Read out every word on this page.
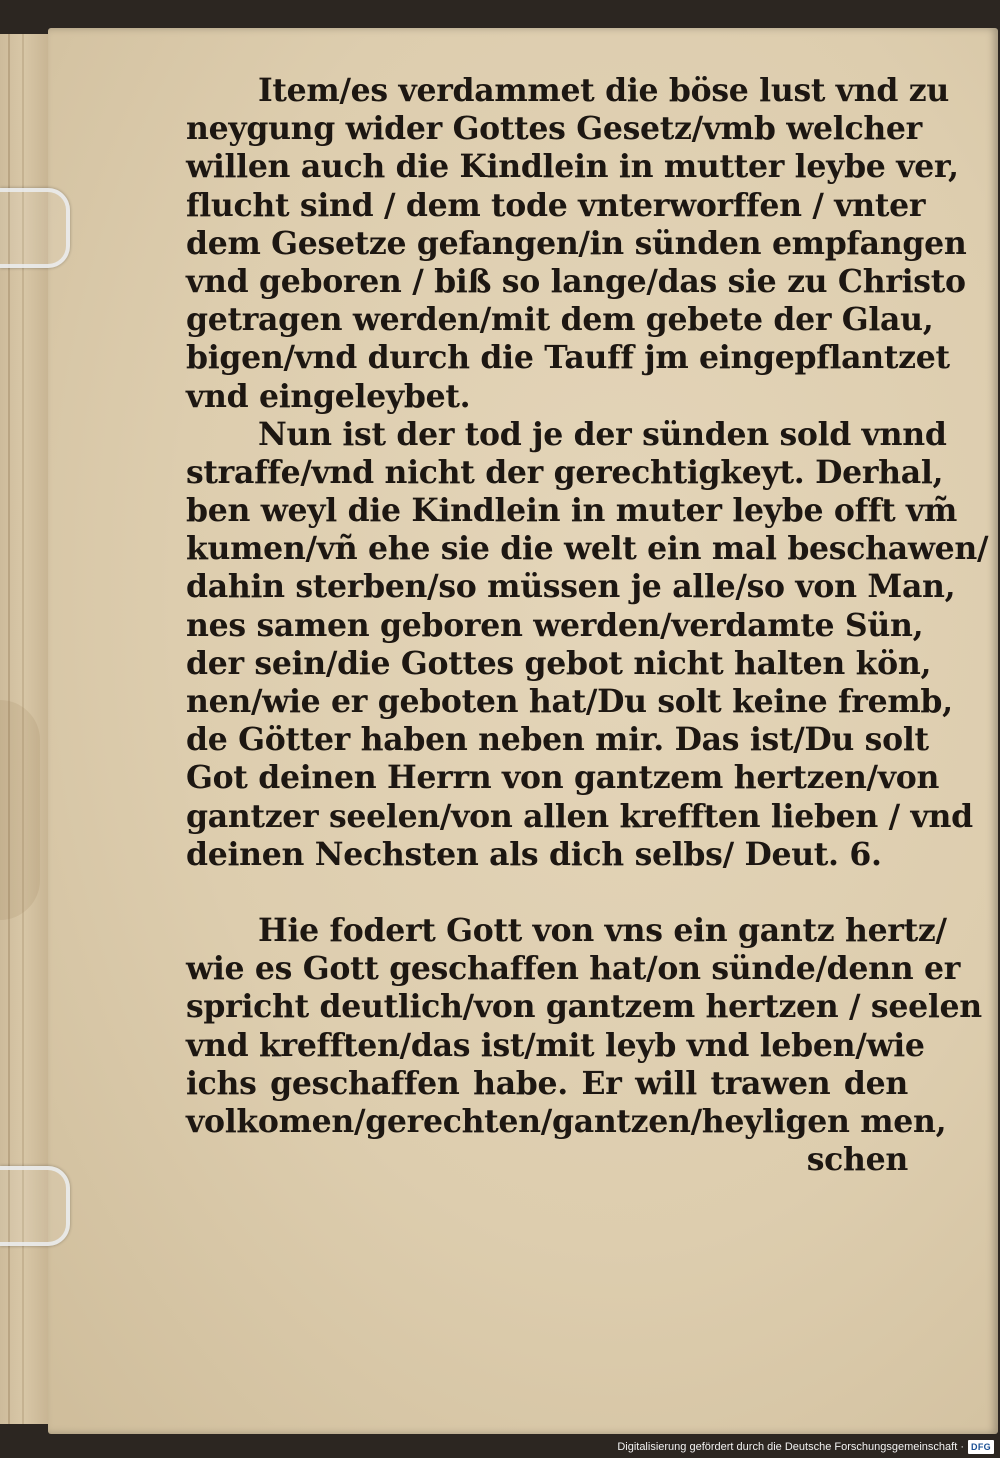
Item/es verdammet die böse lust vnd zu
neygung wider Gottes Gesetz/vmb welcher
willen auch die Kindlein in mutter leybe ver,
flucht sind / dem tode vnterworffen / vnter
dem Gesetze gefangen/in sünden empfangen
vnd geboren / biß so lange/das sie zu Christo
getragen werden/mit dem gebete der Glau,
bigen/vnd durch die Tauff jm eingepflantzet
vnd eingeleybet.
Nun ist der tod je der sünden sold vnnd
straffe/vnd nicht der gerechtigkeyt. Derhal,
ben weyl die Kindlein in muter leybe offt vm̃
kumen/vñ ehe sie die welt ein mal beschawen/
dahin sterben/so müssen je alle/so von Man,
nes samen geboren werden/verdamte Sün,
der sein/die Gottes gebot nicht halten kön,
nen/wie er geboten hat/Du solt keine fremb,
de Götter haben neben mir. Das ist/Du solt
Got deinen Herrn von gantzem hertzen/von
gantzer seelen/von allen krefften lieben / vnd
deinen Nechsten als dich selbs/ Deut. 6.
Hie fodert Gott von vns ein gantz hertz/
wie es Gott geschaffen hat/on sünde/denn er
spricht deutlich/von gantzem hertzen / seelen
vnd krefften/das ist/mit leyb vnd leben/wie
ichs geschaffen habe. Er will trawen den
volkomen/gerechten/gantzen/heyligen men,
schen
Digitalisierung gefördert durch die Deutsche Forschungsgemeinschaft · DFG
